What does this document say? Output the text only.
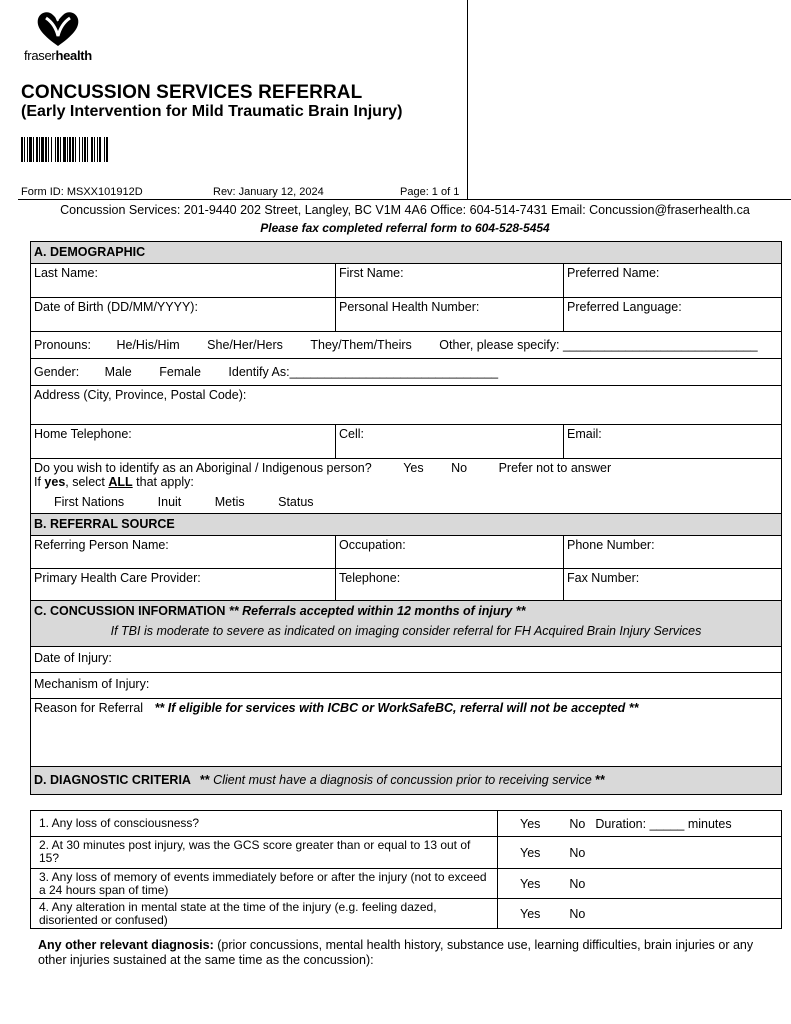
fraserhealth
CONCUSSION SERVICES REFERRAL
(Early Intervention for Mild Traumatic Brain Injury)
Form ID: MSXX101912D	Rev: January 12, 2024	Page: 1 of 1
Concussion Services: 201-9440 202 Street, Langley, BC V1M 4A6 Office: 604-514-7431 Email: Concussion@fraserhealth.ca
Please fax completed referral form to 604-528-5454
A. DEMOGRAPHIC
Last Name:	First Name:	Preferred Name:
Date of Birth (DD/MM/YYYY):	Personal Health Number:	Preferred Language:
Pronouns: He/His/Him She/Her/Hers They/Them/Theirs Other, please specify: ____________________________
Gender: Male Female Identify As:______________________________
Address (City, Province, Postal Code):
Home Telephone:	Cell:	Email:
Do you wish to identify as an Aboriginal / Indigenous person?	Yes No	Prefer not to answer
If yes, select ALL that apply:
First Nations	Inuit	Metis	Status
B. REFERRAL SOURCE
Referring Person Name:	Occupation:	Phone Number:
Primary Health Care Provider:	Telephone:	Fax Number:
C. CONCUSSION INFORMATION ** Referrals accepted within 12 months of injury **
If TBI is moderate to severe as indicated on imaging consider referral for FH Acquired Brain Injury Services
Date of Injury:
Mechanism of Injury:
Reason for Referral ** If eligible for services with ICBC or WorkSafeBC, referral will not be accepted **
D. DIAGNOSTIC CRITERIA ** Client must have a diagnosis of concussion prior to receiving service **
1. Any loss of consciousness?	Yes No Duration: _____ minutes
2. At 30 minutes post injury, was the GCS score greater than or equal to 13 out of 15?	Yes No
3. Any loss of memory of events immediately before or after the injury (not to exceed a 24 hours span of time)	Yes No
4. Any alteration in mental state at the time of the injury (e.g. feeling dazed, disoriented or confused)	Yes No
Any other relevant diagnosis: (prior concussions, mental health history, substance use, learning difficulties, brain injuries or any other injuries sustained at the same time as the concussion):
